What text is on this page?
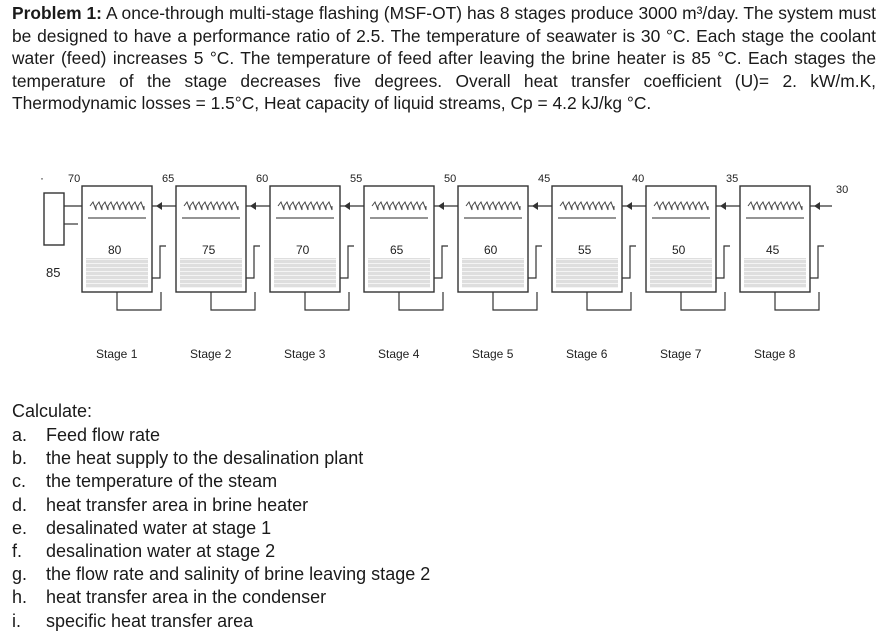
Problem 1: A once-through multi-stage flashing (MSF-OT) has 8 stages produce 3000 m³/day. The system must be designed to have a performance ratio of 2.5. The temperature of seawater is 30 °C. Each stage the coolant water (feed) increases 5 °C. The temperature of feed after leaving the brine heater is 85 °C. Each stages the temperature of the stage decreases five degrees. Overall heat transfer coefficient (U)= 2. kW/m.K, Thermodynamic losses = 1.5°C, Heat capacity of liquid streams, Cp = 4.2 kJ/kg °C.

85
30
80
Stage 1
70
75
Stage 2
65
70
Stage 3
60
65
Stage 4
55
60
Stage 5
50
55
Stage 6
45
50
Stage 7
40
45
Stage 8
35
·

Calculate:

a.	Feed flow rate
b.	the heat supply to the desalination plant
c.	the temperature of the steam
d.	heat transfer area in brine heater
e.	desalinated water at stage 1
f.	desalination water at stage 2
g.	the flow rate and salinity of brine leaving stage 2
h.	heat transfer area in the condenser
i.	specific heat transfer area
